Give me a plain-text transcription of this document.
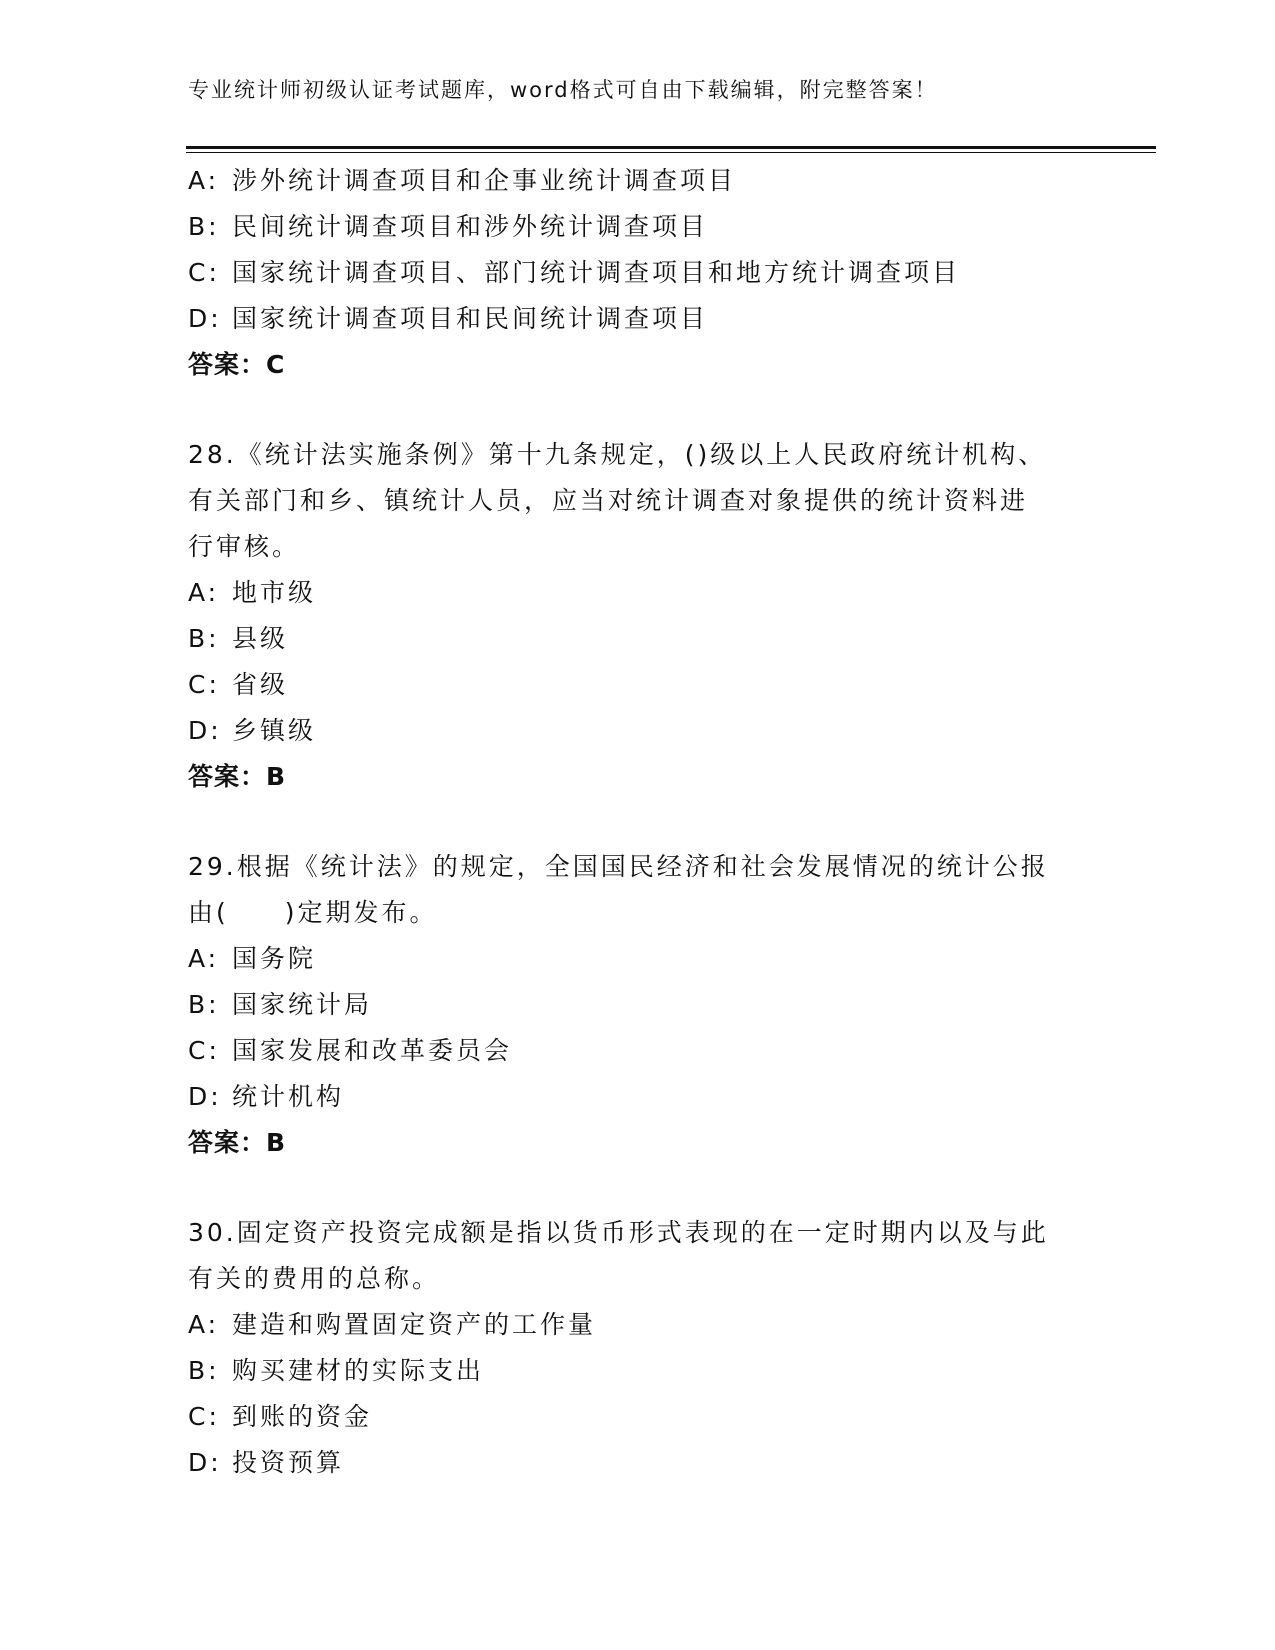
专业统计师初级认证考试题库，word格式可自由下载编辑，附完整答案！
A: 涉外统计调查项目和企事业统计调查项目
B: 民间统计调查项目和涉外统计调查项目
C: 国家统计调查项目、部门统计调查项目和地方统计调查项目
D: 国家统计调查项目和民间统计调查项目
答案：C
28.《统计法实施条例》第十九条规定，()级以上人民政府统计机构、
有关部门和乡、镇统计人员，应当对统计调查对象提供的统计资料进
行审核。
A: 地市级
B: 县级
C: 省级
D: 乡镇级
答案：B
29.根据《统计法》的规定，全国国民经济和社会发展情况的统计公报
由(　　)定期发布。
A: 国务院
B: 国家统计局
C: 国家发展和改革委员会
D: 统计机构
答案：B
30.固定资产投资完成额是指以货币形式表现的在一定时期内以及与此
有关的费用的总称。
A: 建造和购置固定资产的工作量
B: 购买建材的实际支出
C: 到账的资金
D: 投资预算
